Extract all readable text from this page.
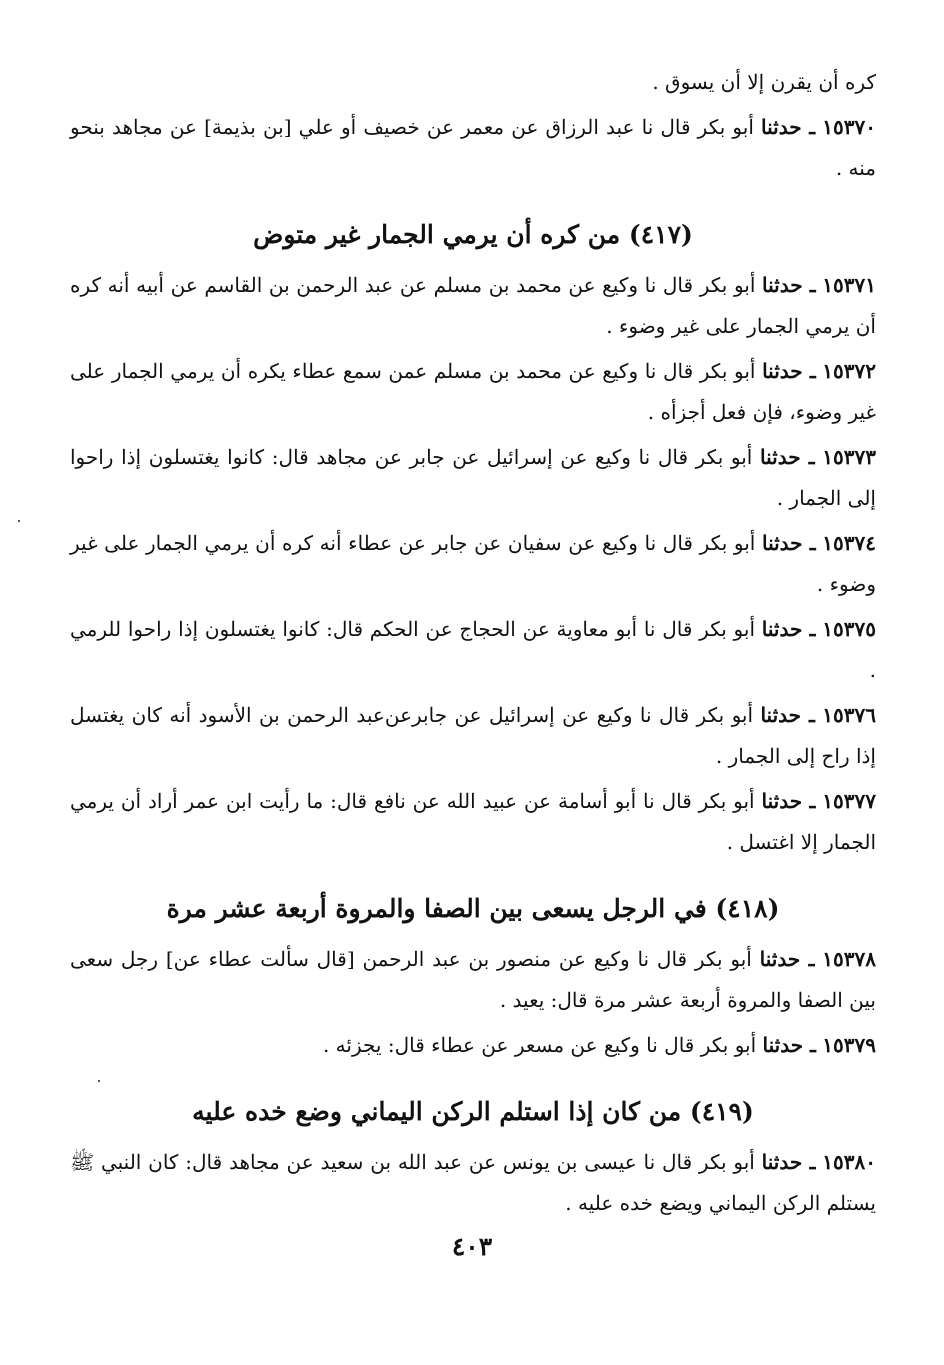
كره أن يقرن إلا أن يسوق .

١٥٣٧٠ ـ حدثنا أبو بكر قال نا عبد الرزاق عن معمر عن خصيف أو علي [بن بذيمة] عن مجاهد بنحو منه .

(٤١٧) من كره أن يرمي الجمار غير متوض

١٥٣٧١ ـ حدثنا أبو بكر قال نا وكيع عن محمد بن مسلم عن عبد الرحمن بن القاسم عن أبيه أنه كره أن يرمي الجمار على غير وضوء .

١٥٣٧٢ ـ حدثنا أبو بكر قال نا وكيع عن محمد بن مسلم عمن سمع عطاء يكره أن يرمي الجمار على غير وضوء، فإن فعل أجزأه .

١٥٣٧٣ ـ حدثنا أبو بكر قال نا وكيع عن إسرائيل عن جابر عن مجاهد قال: كانوا يغتسلون إذا راحوا إلى الجمار .

١٥٣٧٤ ـ حدثنا أبو بكر قال نا وكيع عن سفيان عن جابر عن عطاء أنه كره أن يرمي الجمار على غير وضوء .

١٥٣٧٥ ـ حدثنا أبو بكر قال نا أبو معاوية عن الحجاج عن الحكم قال: كانوا يغتسلون إذا راحوا للرمي .

١٥٣٧٦ ـ حدثنا أبو بكر قال نا وكيع عن إسرائيل عن جابرعن‌عبد الرحمن بن الأسود أنه كان يغتسل إذا راح إلى الجمار .

١٥٣٧٧ ـ حدثنا أبو بكر قال نا أبو أسامة عن عبيد الله عن نافع قال: ما رأيت ابن عمر أراد أن يرمي الجمار إلا اغتسل .

(٤١٨) في الرجل يسعى بين الصفا والمروة أربعة عشر مرة

١٥٣٧٨ ـ حدثنا أبو بكر قال نا وكيع عن منصور بن عبد الرحمن [قال سألت عطاء عن] رجل سعى بين الصفا والمروة أربعة عشر مرة قال: يعيد .

١٥٣٧٩ ـ حدثنا أبو بكر قال نا وكيع عن مسعر عن عطاء قال: يجزئه .

(٤١٩) من كان إذا استلم الركن اليماني وضع خده عليه

١٥٣٨٠ ـ حدثنا أبو بكر قال نا عيسى بن يونس عن عبد الله بن سعيد عن مجاهد قال: كان النبي ﷺ يستلم الركن اليماني ويضع خده عليه .

٤٠٣
